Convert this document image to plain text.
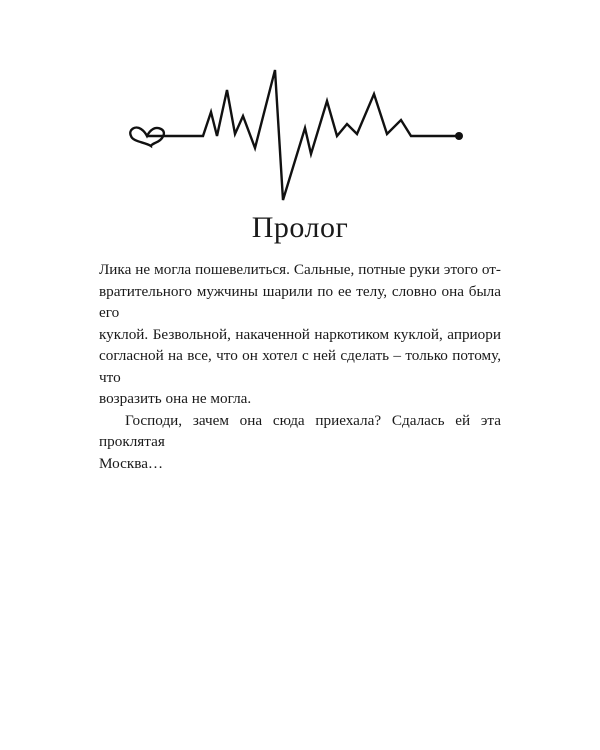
Пролог

Лика не могла пошевелиться. Сальные, потные руки этого от-

вратительного мужчины шарили по ее телу, словно она была его

куклой. Безвольной, накаченной наркотиком куклой, априори

согласной на все, что он хотел с ней сделать – только потому, что

возразить она не могла.

Господи, зачем она сюда приехала? Сдалась ей эта проклятая

Москва…
